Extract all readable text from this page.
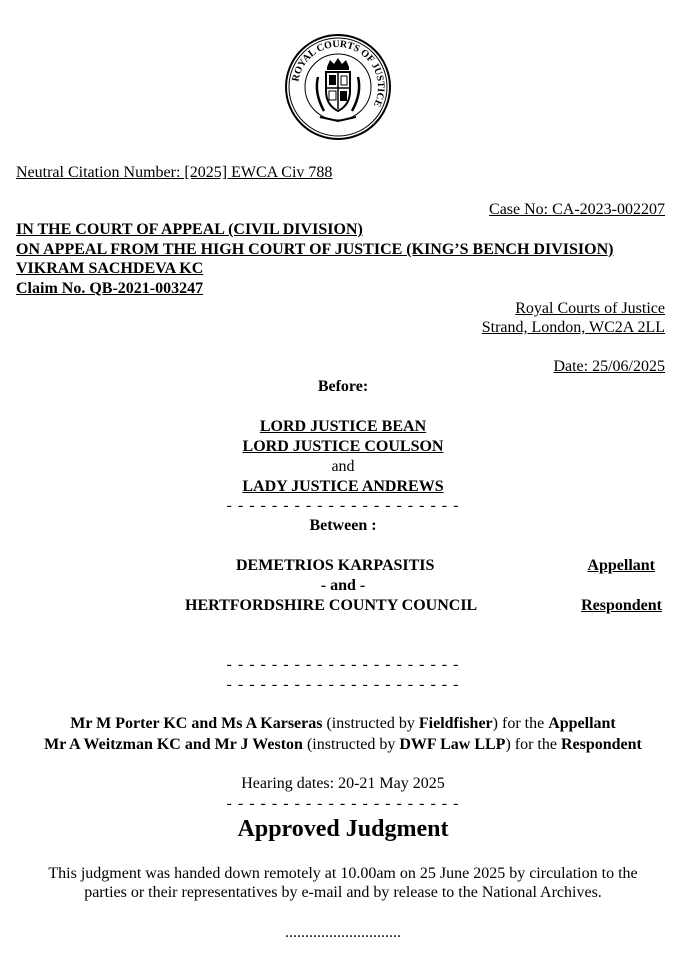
ROYAL COURTS OF JUSTICE
Neutral Citation Number: [2025] EWCA Civ 788
Case No: CA-2023-002207
IN THE COURT OF APPEAL (CIVIL DIVISION)
ON APPEAL FROM THE HIGH COURT OF JUSTICE (KING’S BENCH DIVISION)
VIKRAM SACHDEVA KC
Claim No. QB-2021-003247
Royal Courts of Justice
Strand, London, WC2A 2LL
Date: 25/06/2025
Before:
LORD JUSTICE BEAN
LORD JUSTICE COULSON
and
LADY JUSTICE ANDREWS
- - - - - - - - - - - - - - - - - - - - -
Between :
DEMETRIOS KARPASITIS	Appellant
- and -
HERTFORDSHIRE COUNTY COUNCIL	Respondent
- - - - - - - - - - - - - - - - - - - - -
- - - - - - - - - - - - - - - - - - - - -
Mr M Porter KC and Ms A Karseras (instructed by Fieldfisher) for the Appellant
Mr A Weitzman KC and Mr J Weston (instructed by DWF Law LLP) for the Respondent
Hearing dates: 20-21 May 2025
- - - - - - - - - - - - - - - - - - - - -
Approved Judgment
This judgment was handed down remotely at 10.00am on 25 June 2025 by circulation to the
parties or their representatives by e-mail and by release to the National Archives.
.............................
